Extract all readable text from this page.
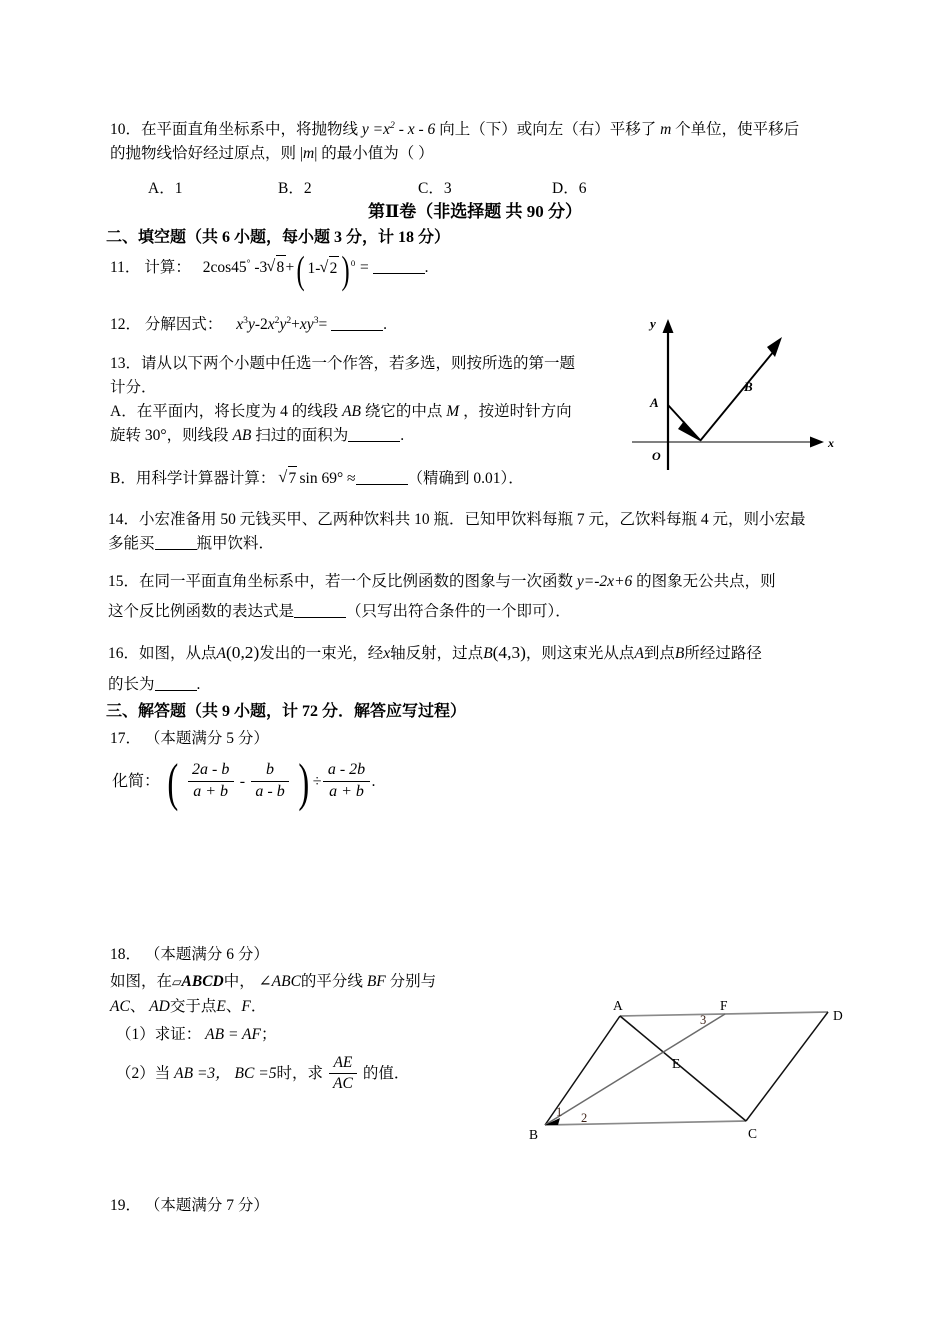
10．在平面直角坐标系中，将抛物线 $y =x^2 - x - 6$ 向上（下）或向左（右）平移了 m 个单位，使平移后
的抛物线恰好经过原点，则 |m| 的最小值为（ ）
A．1	B．2	C．3	D．6
第Ⅱ卷（非选择题 共 90 分）
二、填空题（共 6 小题，每小题 3 分，计 18 分）
11． 计算： 2cos45° -3 √ 8+( 1- √ 2) $^0$ =	.
12． 分解因式： $x^3y-2x^2y^2+xy^3=$	.
13．请从以下两个小题中任选一个作答，若多选，则按所选的第一题
计分．
A．在平面内，将长度为 4 的线段 AB 绕它的中点 M ，按逆时针方向
旋转 30°，则线段 AB 扫过的面积为	.
B．用科学计算器计算： √ 7 sin 69° ≈	（精确到 0.01）．
14．小宏准备用 50 元钱买甲、乙两种饮料共 10 瓶．已知甲饮料每瓶 7 元，乙饮料每瓶 4 元，则小宏最
多能买	瓶甲饮料．
15．在同一平面直角坐标系中，若一个反比例函数的图象与一次函数 y=-2x+6 的图象无公共点，则
这个反比例函数的表达式是	（只写出符合条件的一个即可）．
16．如图，从点A(0,2)发出的一束光，经x轴反射，过点B(4,3)，则这束光从点A到点B所经过路径
的长为	.
三、解答题（共 9 小题，计 72 分．解答应写过程）
17． （本题满分 5 分）
化简： ( $\frac{2a - b}{a + b} - \frac{b}{a - b}$ ) ÷ $\frac{a - 2b}{a + b}$ .
18． （本题满分 6 分）
如图，在▱ABCD中， ∠ABC的平分线 BF 分别与
AC、 AD交于点E、F．
（1）求证： AB = AF；
（2）当 AB =3， BC =5时，求 $\frac{AE}{AC}$ 的值．
19． （本题满分 7 分）
A
B
O
y
x
A
D
B	C
F
E
1 2
3
